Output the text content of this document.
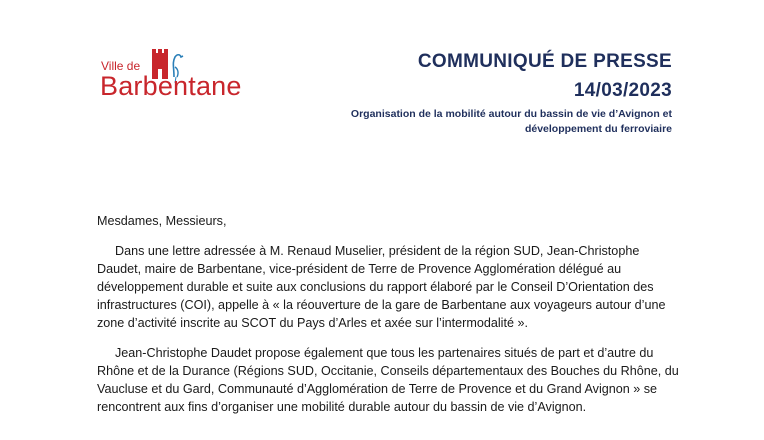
Ville de
Barbentane
COMMUNIQUÉ DE PRESSE
14/03/2023
Organisation de la mobilité autour du bassin de vie d’Avignon et
développement du ferroviaire

Mesdames, Messieurs,

Dans une lettre adressée à M. Renaud Muselier, président de la région SUD, Jean-Christophe Daudet, maire de Barbentane, vice-président de Terre de Provence Agglomération délégué au développement durable et suite aux conclusions du rapport élaboré par le Conseil D’Orientation des infrastructures (COI), appelle à « la réouverture de la gare de Barbentane aux voyageurs autour d’une zone d’activité inscrite au SCOT du Pays d’Arles et axée sur l’intermodalité ».

Jean-Christophe Daudet propose également que tous les partenaires situés de part et d’autre du Rhône et de la Durance (Régions SUD, Occitanie, Conseils départementaux des Bouches du Rhône, du Vaucluse et du Gard, Communauté d’Agglomération de Terre de Provence et du Grand Avignon » se rencontrent aux fins d’organiser une mobilité durable autour du bassin de vie d’Avignon.
